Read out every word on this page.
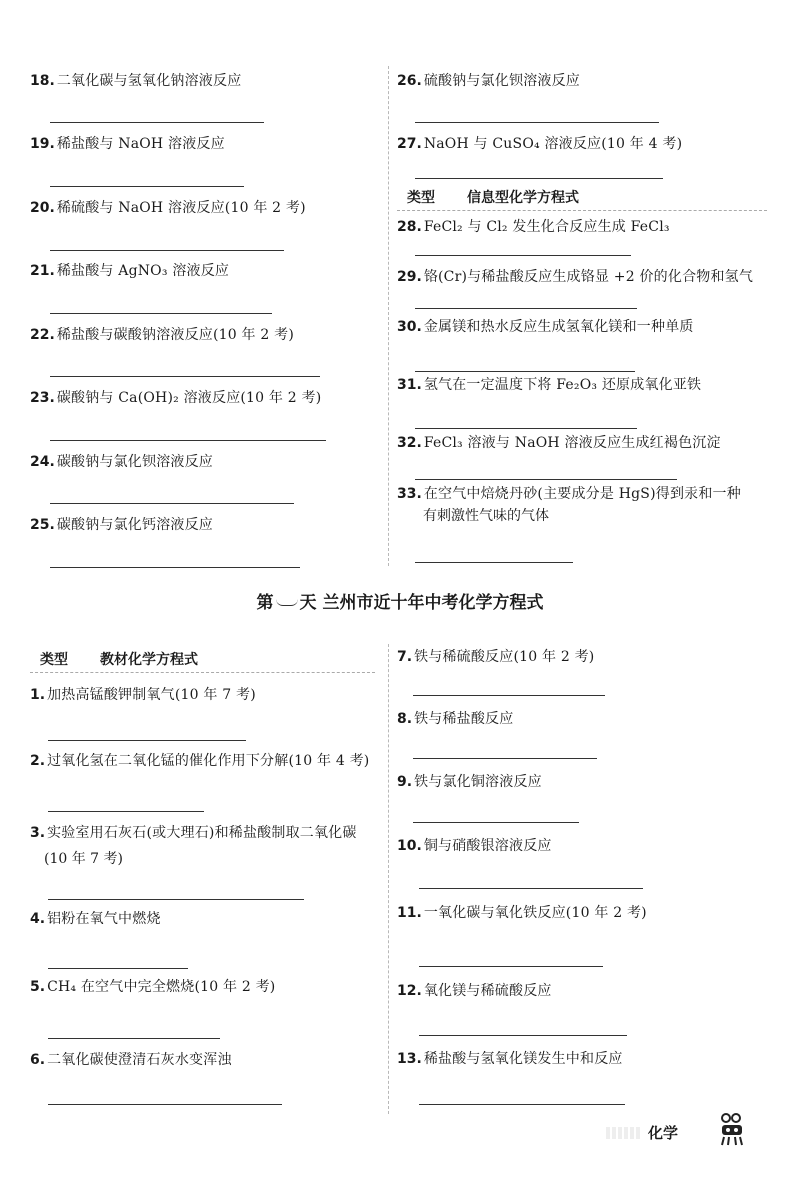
18. 二氧化碳与氢氧化钠溶液反应
19. 稀盐酸与 NaOH 溶液反应
20. 稀硫酸与 NaOH 溶液反应(10 年 2 考)
21. 稀盐酸与 AgNO₃ 溶液反应
22. 稀盐酸与碳酸钠溶液反应(10 年 2 考)
23. 碳酸钠与 Ca(OH)₂ 溶液反应(10 年 2 考)
24. 碳酸钠与氯化钡溶液反应
25. 碳酸钠与氯化钙溶液反应
26. 硫酸钠与氯化钡溶液反应
27. NaOH 与 CuSO₄ 溶液反应(10 年 4 考)
类型 信息型化学方程式
28. FeCl₂ 与 Cl₂ 发生化合反应生成 FeCl₃
29. 铬(Cr)与稀盐酸反应生成铬显 +2 价的化合物和氢气
30. 金属镁和热水反应生成氢氧化镁和一种单质
31. 氢气在一定温度下将 Fe₂O₃ 还原成氧化亚铁
32. FeCl₃ 溶液与 NaOH 溶液反应生成红褐色沉淀
33. 在空气中焙烧丹砂(主要成分是 HgS)得到汞和一种
有刺激性气味的气体
第 天 兰州市近十年中考化学方程式
类型 教材化学方程式
1. 加热高锰酸钾制氧气(10 年 7 考)
2. 过氧化氢在二氧化锰的催化作用下分解(10 年 4 考)
3. 实验室用石灰石(或大理石)和稀盐酸制取二氧化碳
(10 年 7 考)
4. 铝粉在氧气中燃烧
5. CH₄ 在空气中完全燃烧(10 年 2 考)
6. 二氧化碳使澄清石灰水变浑浊
7. 铁与稀硫酸反应(10 年 2 考)
8. 铁与稀盐酸反应
9. 铁与氯化铜溶液反应
10. 铜与硝酸银溶液反应
11. 一氧化碳与氧化铁反应(10 年 2 考)
12. 氧化镁与稀硫酸反应
13. 稀盐酸与氢氧化镁发生中和反应
化学
